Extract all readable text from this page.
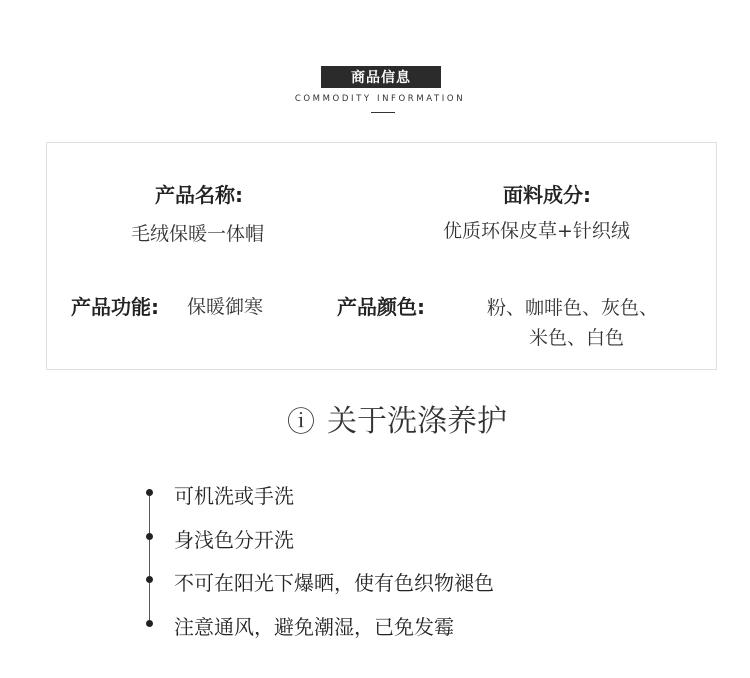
商品信息
COMMODITY INFORMATION
产品名称:
毛绒保暖一体帽
面料成分:
优质环保皮草+针织绒
产品功能: 保暖御寒	产品颜色:	粉、咖啡色、灰色、
米色、白色
ⓘ 关于洗涤养护
可机洗或手洗
身浅色分开洗
不可在阳光下爆晒，使有色织物褪色
注意通风，避免潮湿，已免发霉
